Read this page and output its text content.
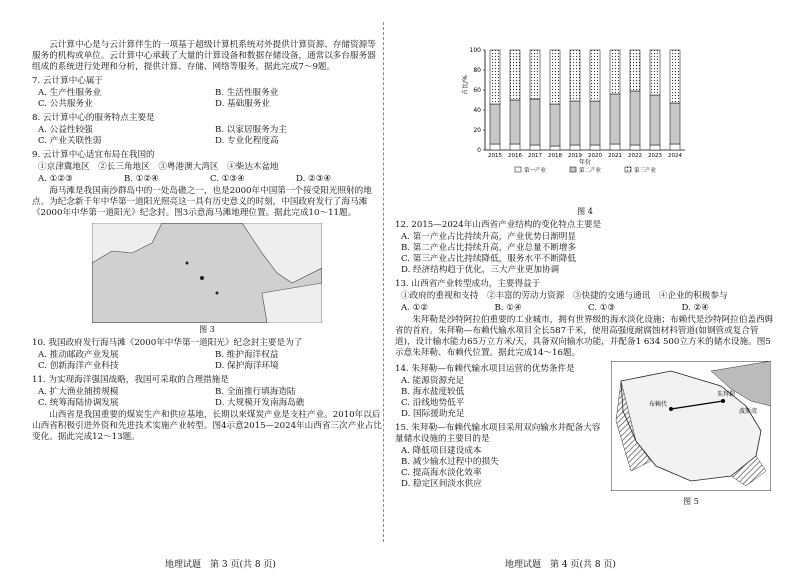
云计算中心是与云计算伴生的一项基于超级计算机系统对外提供计算资源、存储资源等服务的机构或单位。云计算中心承载了大量的计算设备和数据存储设备，通常以多台服务器组成的系统进行处理和分析，提供计算、存储、网络等服务。据此完成7～9题。

7. 云计算中心属于
A. 生产性服务业	B. 生活性服务业
C. 公共服务业	D. 基础服务业
8. 云计算中心的服务特点主要是
A. 公益性较强	B. 以家居服务为主
C. 产业关联性弱	D. 专业化程度高
9. 云计算中心适宜布局在我国的
①京津冀地区　②长三角地区　③粤港澳大湾区　④柴达木盆地
A. ①②③	B. ①②④	C. ①③④	D. ②③④

海马滩是我国南沙群岛中的一处岛礁之一，也是2000年中国第一个接受阳光照射的地点。为纪念新千年中华第一道阳光照亮这一具有历史意义的时刻，中国政府发行了海马滩《2000年中华第一道阳光》纪念封。图3示意海马滩地理位置。据此完成10～11题。

图 3
10. 我国政府发行海马滩《2000年中华第一道阳光》纪念封主要是为了
A. 推动邮政产业发展	B. 维护海洋权益
C. 创新海洋产业科技	D. 保护海洋环境
11. 为实现海洋强国战略，我国可采取的合理措施是
A. 扩大渔业捕捞规模	B. 全面推行填海造陆
C. 统筹海陆协调发展	D. 大规模开发南海岛礁

山西省是我国重要的煤炭生产和供应基地，长期以来煤炭产业是支柱产业。2010年以后山西省积极引进外资和先进技术实施产业转型。图4示意2015—2024年山西省三次产业占比变化。据此完成12～13题。

0
20
40
60
80
100
2015 2016 2017 2018 2019 2020 2021 2022 2023 2024
占比/%
年份
第一产业	第二产业	第三产业
图 4
12. 2015—2024年山西省产业结构的变化特点主要是
A. 第一产业占比持续升高，产业优势日渐明显
B. 第二产业占比持续升高，产业总量不断增多
C. 第三产业占比持续降低，服务水平不断降低
D. 经济结构趋于优化，三大产业更加协调
13. 山西省产业转型成功，主要得益于
①政府的重视和支持　②丰富的劳动力资源　③快捷的交通与通讯　④企业的积极参与
A. ①②	B. ①④	C. ①③	D. ②④

朱拜勒是沙特阿拉伯重要的工业城市，拥有世界级的海水淡化设施；布赖代是沙特阿拉伯盖西姆省的首府。朱拜勒—布赖代输水项目全长587千米，使用高强度耐腐蚀材料管道(如钢管或复合管道)，设计输水能力65万立方米/天，具备双向输水功能，并配备1 634 500立方米的储水设施。图5示意朱拜勒、布赖代位置。据此完成14～16题。

14. 朱拜勒—布赖代输水项目运营的优势条件是
A. 能源资源充足
B. 海水盐度较低
C. 沿线地势低平
D. 国际援助充足
15. 朱拜勒—布赖代输水项目采用双向输水并配备大容量储水设施的主要目的是
A. 降低项目建设成本
B. 减少输水过程中的损失
C. 提高海水淡化效率
D. 稳定区间淡水供应
布赖代
朱拜勒
波斯湾
图 5
地理试题　第 3 页(共 8 页)	地理试题　第 4 页(共 8 页)
